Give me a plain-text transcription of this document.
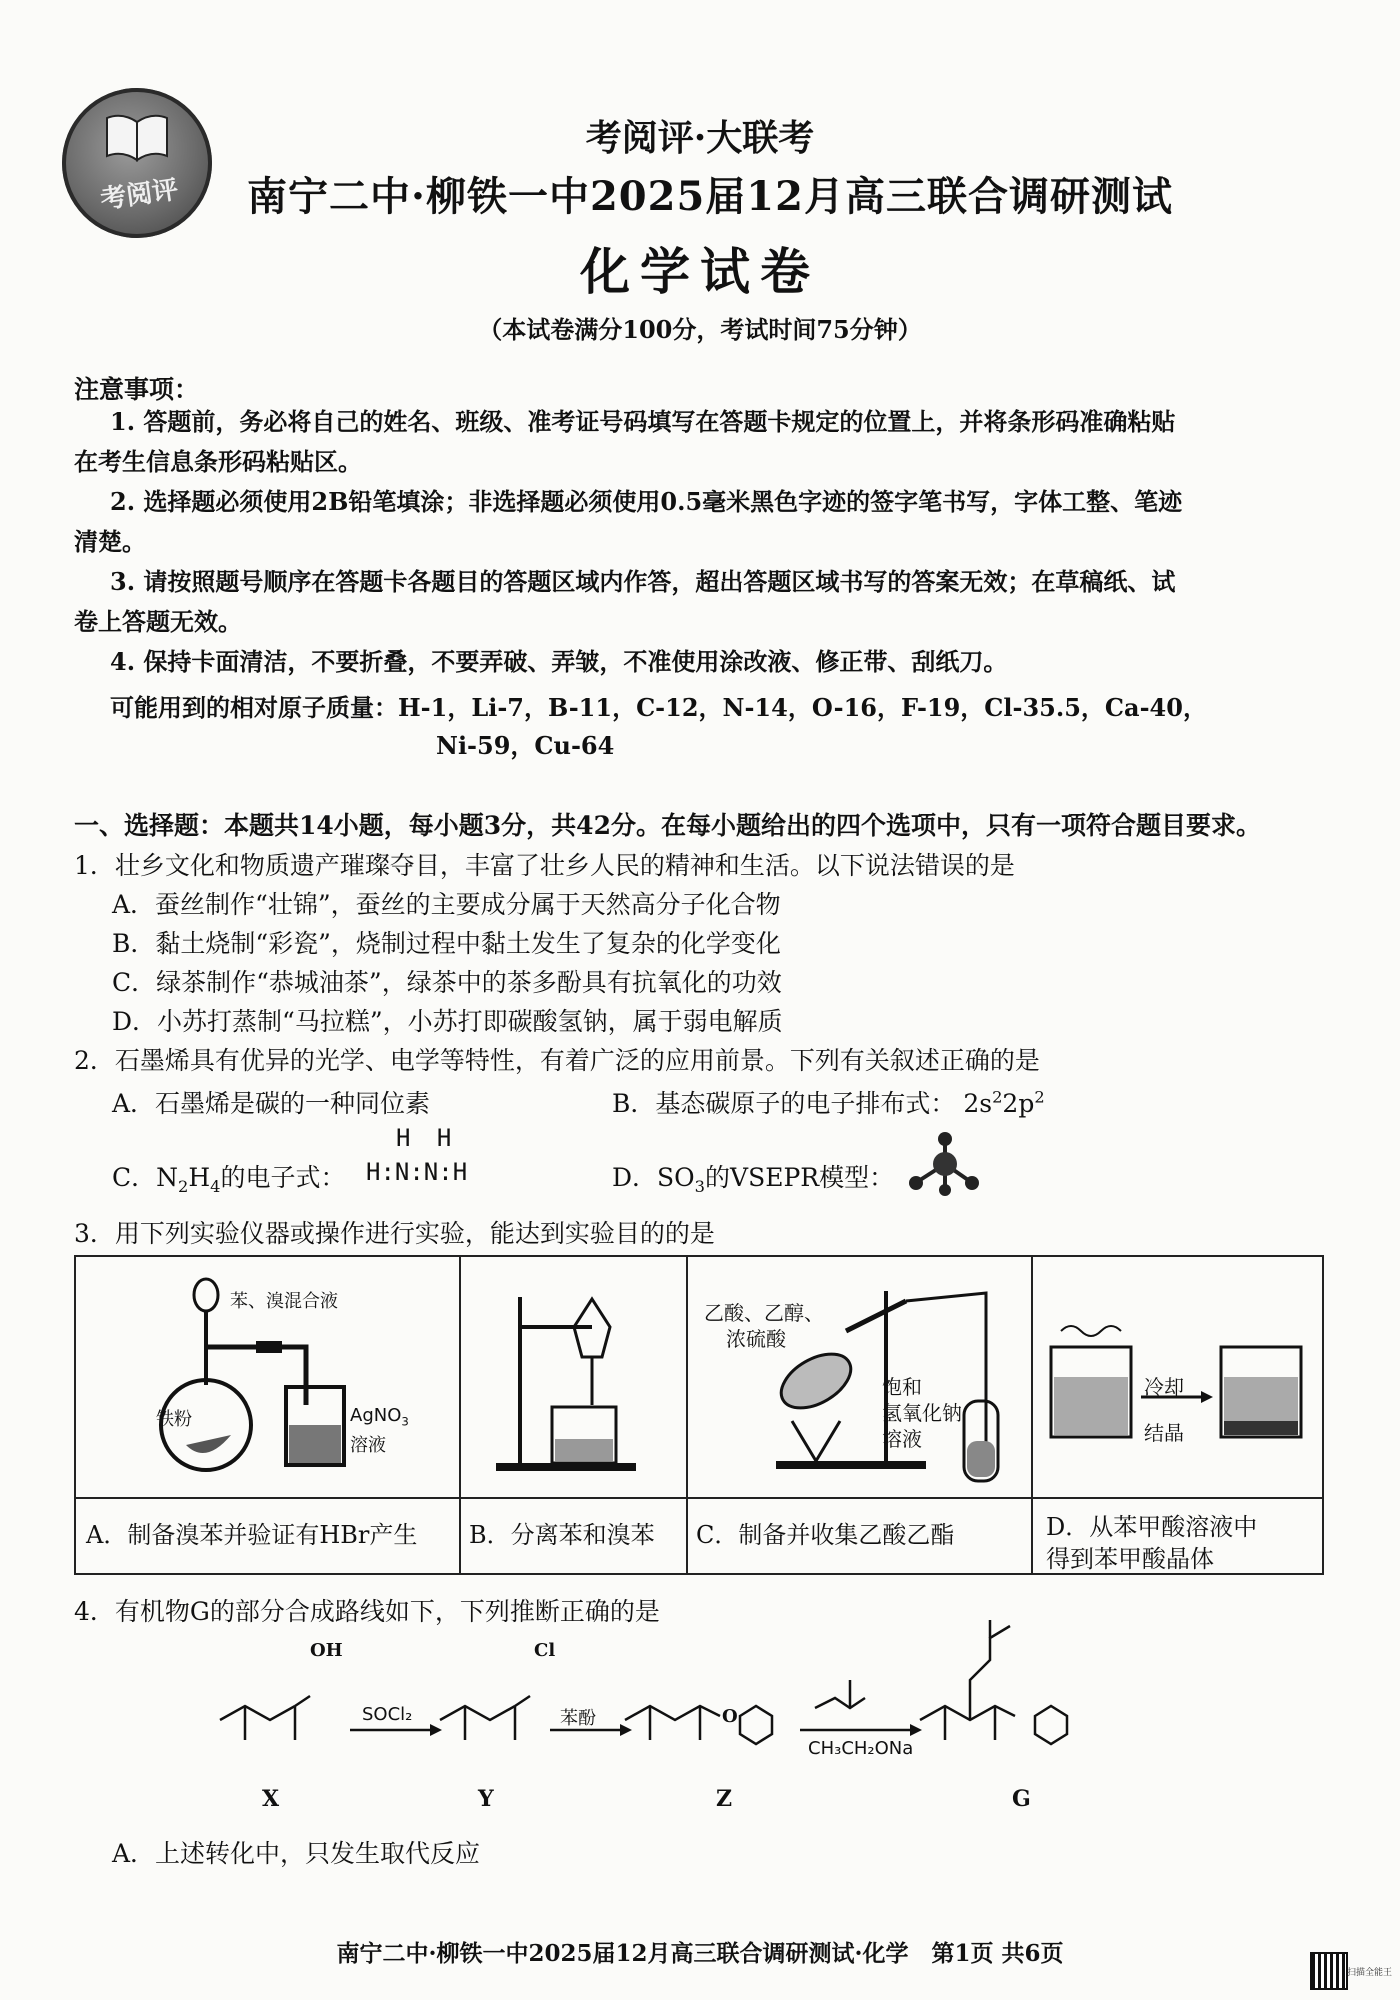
考阅评
考阅评·大联考
南宁二中·柳铁一中2025届12月高三联合调研测试
化学试卷
（本试卷满分100分，考试时间75分钟）
注意事项：
1. 答题前，务必将自己的姓名、班级、准考证号码填写在答题卡规定的位置上，并将条形码准确粘贴
在考生信息条形码粘贴区。
2. 选择题必须使用2B铅笔填涂；非选择题必须使用0.5毫米黑色字迹的签字笔书写，字体工整、笔迹
清楚。
3. 请按照题号顺序在答题卡各题目的答题区域内作答，超出答题区域书写的答案无效；在草稿纸、试
卷上答题无效。
4. 保持卡面清洁，不要折叠，不要弄破、弄皱，不准使用涂改液、修正带、刮纸刀。
可能用到的相对原子质量：H-1，Li-7，B-11，C-12，N-14，O-16，F-19，Cl-35.5，Ca-40，
Ni-59，Cu-64
一、选择题：本题共14小题，每小题3分，共42分。在每小题给出的四个选项中，只有一项符合题目要求。
1．壮乡文化和物质遗产璀璨夺目，丰富了壮乡人民的精神和生活。以下说法错误的是
A．蚕丝制作“壮锦”，蚕丝的主要成分属于天然高分子化合物
B．黏土烧制“彩瓷”，烧制过程中黏土发生了复杂的化学变化
C．绿茶制作“恭城油茶”，绿茶中的茶多酚具有抗氧化的功效
D．小苏打蒸制“马拉糕”，小苏打即碳酸氢钠，属于弱电解质
2．石墨烯具有优异的光学、电学等特性，有着广泛的应用前景。下列有关叙述正确的是
A．石墨烯是碳的一种同位素	B．基态碳原子的电子排布式： $2s^22p^2$
C．$N_2H_4$的电子式：
H H
H:N:N:H	D．$SO_3$的VSEPR模型：
3．用下列实验仪器或操作进行实验，能达到实验目的的是
苯、溴混合液
铁粉	AgNO$_3$
溶液
A．制备溴苯并验证有HBr产生 B．分离苯和溴苯
乙酸、乙醇、
浓硫酸
饱和
氢氧化钠
溶液
C．制备并收集乙酸乙酯
冷却
结晶
D．从苯甲酸溶液中
得到苯甲酸晶体
4．有机物G的部分合成路线如下，下列推断正确的是
OH	Cl
O
SOCl₂	苯酚
CH₃CH₂ONa
X	Y	Z	G
A．上述转化中，只发生取代反应
南宁二中·柳铁一中2025届12月高三联合调研测试·化学　第1页 共6页
扫描全能王
